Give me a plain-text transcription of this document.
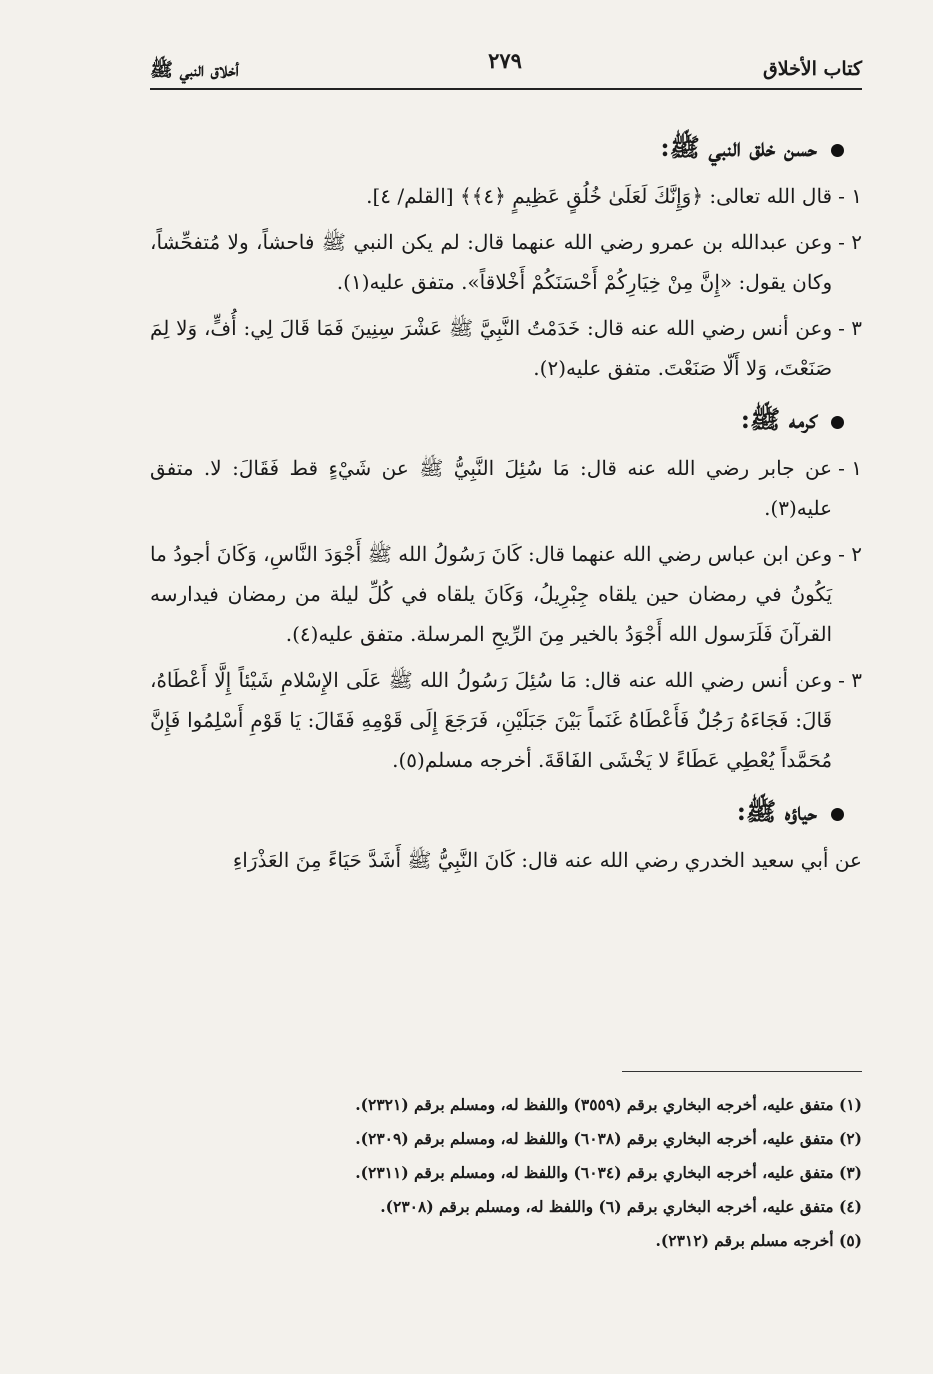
كتاب الأخلاق
٢٧٩
أخلاق النبي ﷺ
حسن خلق النبي ﷺ:
١ -
قال الله تعالى: ﴿وَإِنَّكَ لَعَلَىٰ خُلُقٍ عَظِيمٍ ﴿٤﴾﴾ [القلم/ ٤].
٢ -
وعن عبدالله بن عمرو رضي الله عنهما قال: لم يكن النبي ﷺ فاحشاً، ولا مُتفحِّشاً، وكان يقول: «إِنَّ مِنْ خِيَارِكُمْ أَحْسَنَكُمْ أَخْلاقاً». متفق عليه(١).
٣ -
وعن أنس رضي الله عنه قال: خَدَمْتُ النَّبِيَّ ﷺ عَشْرَ سِنِينَ فَمَا قَالَ لِي: أُفٍّ، وَلا لِمَ صَنَعْتَ، وَلا أَلّا صَنَعْتَ. متفق عليه(٢).
كرمه ﷺ:
١ -
عن جابر رضي الله عنه قال: مَا سُئِلَ النَّبِيُّ ﷺ عن شَيْءٍ قط فَقَالَ: لا. متفق عليه(٣).
٢ -
وعن ابن عباس رضي الله عنهما قال: كَانَ رَسُولُ الله ﷺ أَجْوَدَ النَّاسِ، وَكَانَ أجودُ ما يَكُونُ في رمضان حين يلقاه جِبْرِيلُ، وَكَانَ يلقاه في كُلِّ ليلة من رمضان فيدارسه القرآنَ فَلَرَسول الله أَجْوَدُ بالخير مِنَ الرِّيحِ المرسلة. متفق عليه(٤).
٣ -
وعن أنس رضي الله عنه قال: مَا سُئِلَ رَسُولُ الله ﷺ عَلَى الإِسْلامِ شَيْئاً إِلَّا أَعْطَاهُ، قَالَ: فَجَاءَهُ رَجُلٌ فَأَعْطَاهُ غَنَماً بَيْنَ جَبَلَيْنِ، فَرَجَعَ إِلَى قَوْمِهِ فَقَالَ: يَا قَوْمِ أَسْلِمُوا فَإِنَّ مُحَمَّداً يُعْطِي عَطَاءً لا يَخْشَى الفَاقَةَ. أخرجه مسلم(٥).
حياؤه ﷺ:
عن أبي سعيد الخدري رضي الله عنه قال: كَانَ النَّبِيُّ ﷺ أَشَدَّ حَيَاءً مِنَ العَذْرَاءِ
(١) متفق عليه، أخرجه البخاري برقم (٣٥٥٩) واللفظ له، ومسلم برقم (٢٣٢١).
(٢) متفق عليه، أخرجه البخاري برقم (٦٠٣٨) واللفظ له، ومسلم برقم (٢٣٠٩).
(٣) متفق عليه، أخرجه البخاري برقم (٦٠٣٤) واللفظ له، ومسلم برقم (٢٣١١).
(٤) متفق عليه، أخرجه البخاري برقم (٦) واللفظ له، ومسلم برقم (٢٣٠٨).
(٥) أخرجه مسلم برقم (٢٣١٢).
